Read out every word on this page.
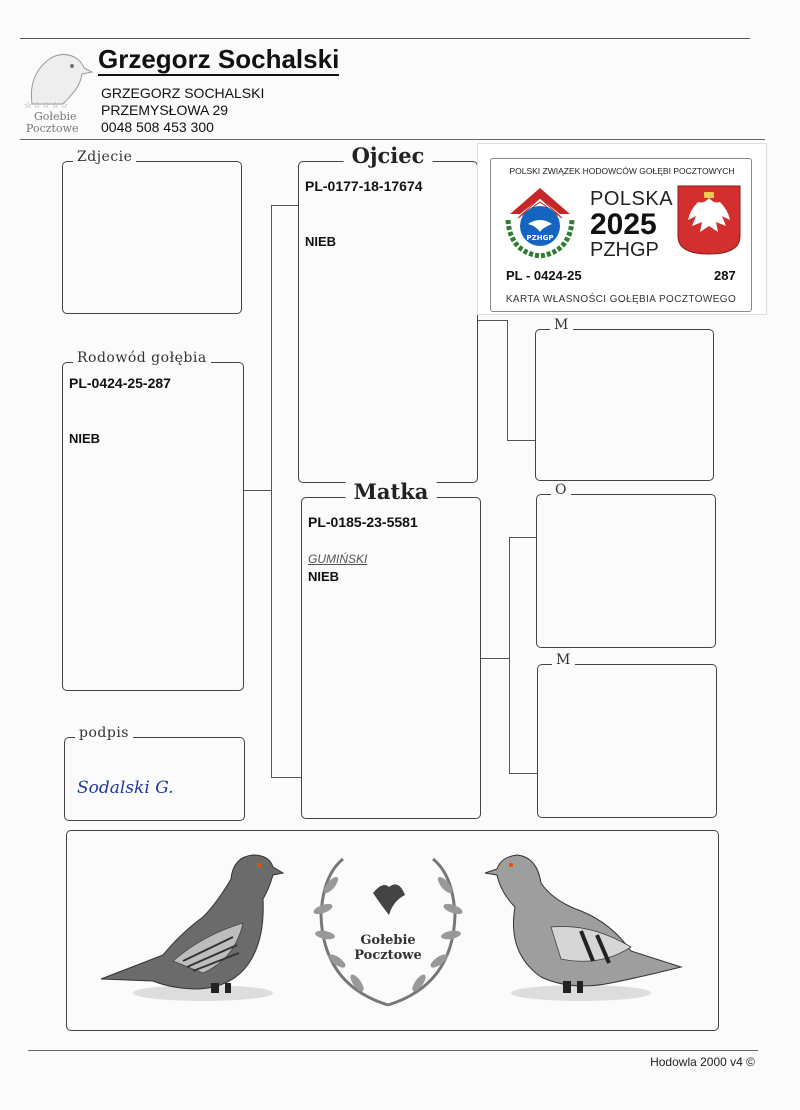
☆☆☆☆☆
Gołebie
Pocztowe
Grzegorz Sochalski
GRZEGORZ SOCHALSKI
PRZEMYSŁOWA 29
0048 508 453 300
Zdjecie
Rodowód gołębia
PL-0424-25-287
NIEB
podpis
Sodalski G.
Ojciec
PL-0177-18-17674
NIEB
Matka
PL-0185-23-5581
GUMIŃSKI
NIEB
M
O
M
POLSKI ZWIĄZEK HODOWCÓW GOŁĘBI POCZTOWYCH
PZHGP
POLSKA
2025
PZHGP
PL - 0424-25	287
KARTA WŁASNOŚCI GOŁĘBIA POCZTOWEGO
Gołebie
Pocztowe
Hodowla 2000 v4 ©
